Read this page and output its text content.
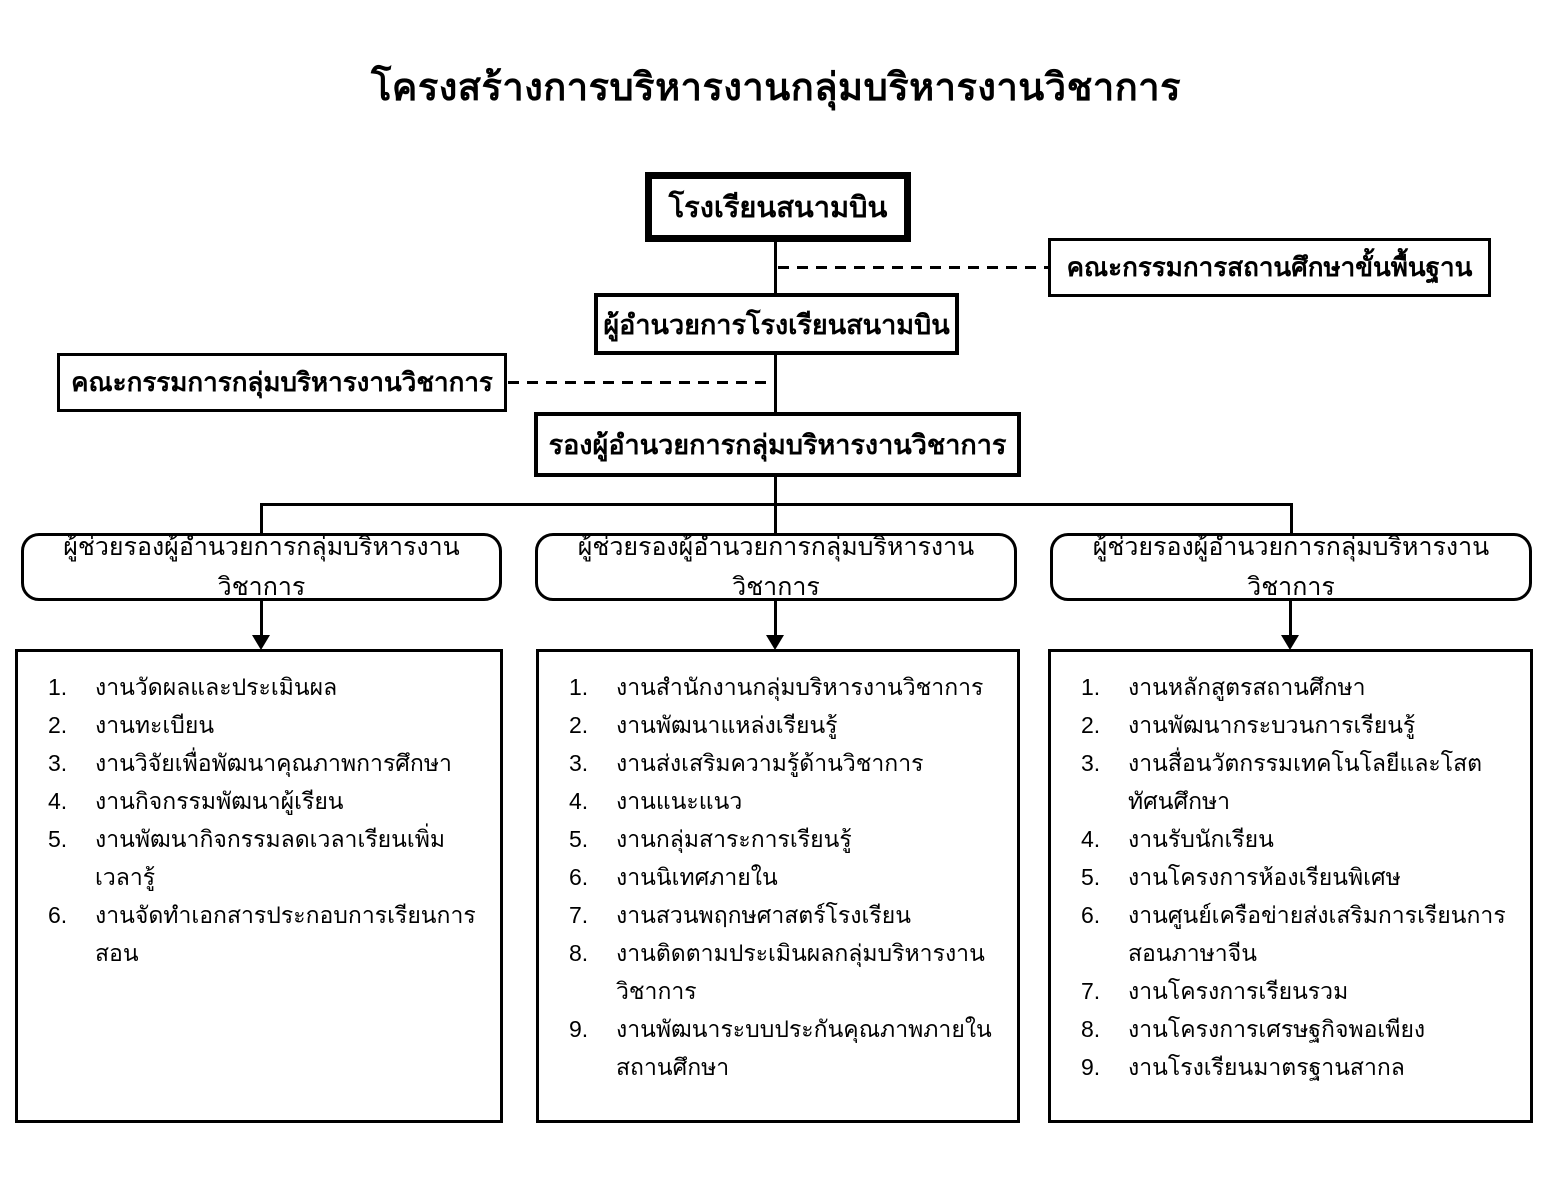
โครงสร้างการบริหารงานกลุ่มบริหารงานวิชาการ
โรงเรียนสนามบิน
คณะกรรมการสถานศึกษาขั้นพื้นฐาน
ผู้อำนวยการโรงเรียนสนามบิน
คณะกรรมการกลุ่มบริหารงานวิชาการ
รองผู้อำนวยการกลุ่มบริหารงานวิชาการ
ผู้ช่วยรองผู้อำนวยการกลุ่มบริหารงานวิชาการ
ผู้ช่วยรองผู้อำนวยการกลุ่มบริหารงานวิชาการ
ผู้ช่วยรองผู้อำนวยการกลุ่มบริหารงานวิชาการ
1.	งานวัดผลและประเมินผล
2.	งานทะเบียน
3.	งานวิจัยเพื่อพัฒนาคุณภาพการศึกษา
4.	งานกิจกรรมพัฒนาผู้เรียน
5.	งานพัฒนากิจกรรมลดเวลาเรียนเพิ่มเวลารู้
6.	งานจัดทำเอกสารประกอบการเรียนการสอน
1.	งานสำนักงานกลุ่มบริหารงานวิชาการ
2.	งานพัฒนาแหล่งเรียนรู้
3.	งานส่งเสริมความรู้ด้านวิชาการ
4.	งานแนะแนว
5.	งานกลุ่มสาระการเรียนรู้
6.	งานนิเทศภายใน
7.	งานสวนพฤกษศาสตร์โรงเรียน
8.	งานติดตามประเมินผลกลุ่มบริหารงานวิชาการ
9.	งานพัฒนาระบบประกันคุณภาพภายในสถานศึกษา
1.	งานหลักสูตรสถานศึกษา
2.	งานพัฒนากระบวนการเรียนรู้
3.	งานสื่อนวัตกรรมเทคโนโลยีและโสตทัศนศึกษา
4.	งานรับนักเรียน
5.	งานโครงการห้องเรียนพิเศษ
6.	งานศูนย์เครือข่ายส่งเสริมการเรียนการสอนภาษาจีน
7.	งานโครงการเรียนรวม
8.	งานโครงการเศรษฐกิจพอเพียง
9.	งานโรงเรียนมาตรฐานสากล
